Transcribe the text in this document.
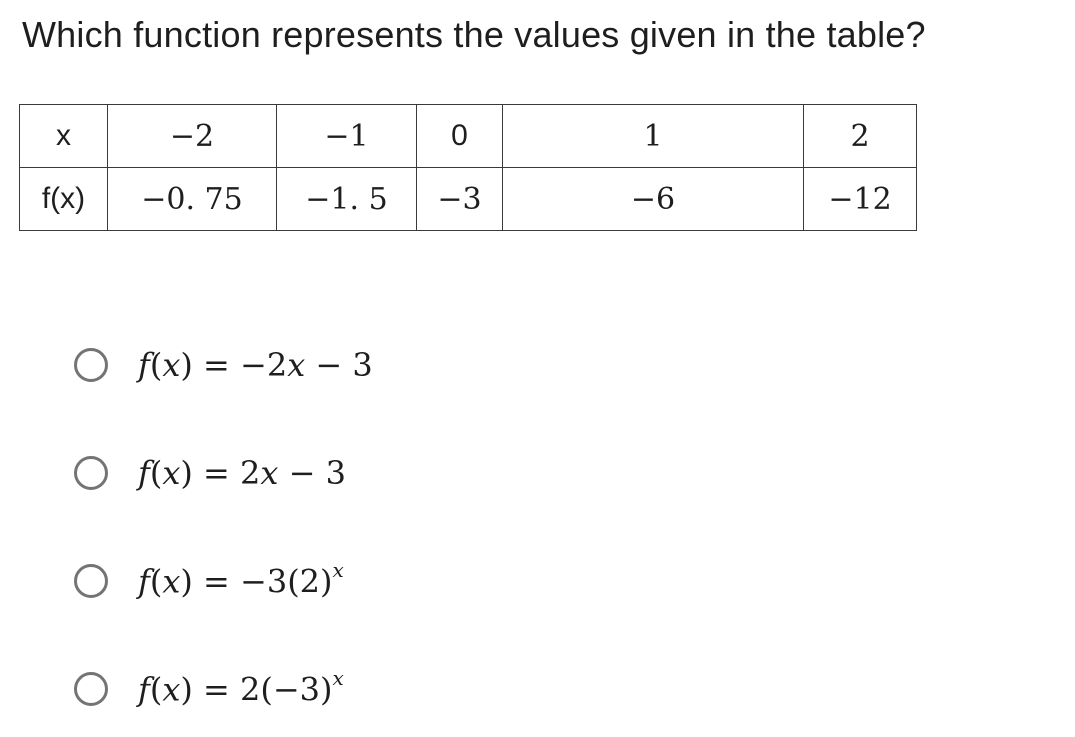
Which function represents the values given in the table?
x	−2	−1	0	1	2
f(x)	−0. 75	−1. 5	−3	−6	−12
f(x) = −2x − 3
f(x) = 2x − 3
$f(x) = -3(2)^x$
$f(x) = 2(-3)^x$
